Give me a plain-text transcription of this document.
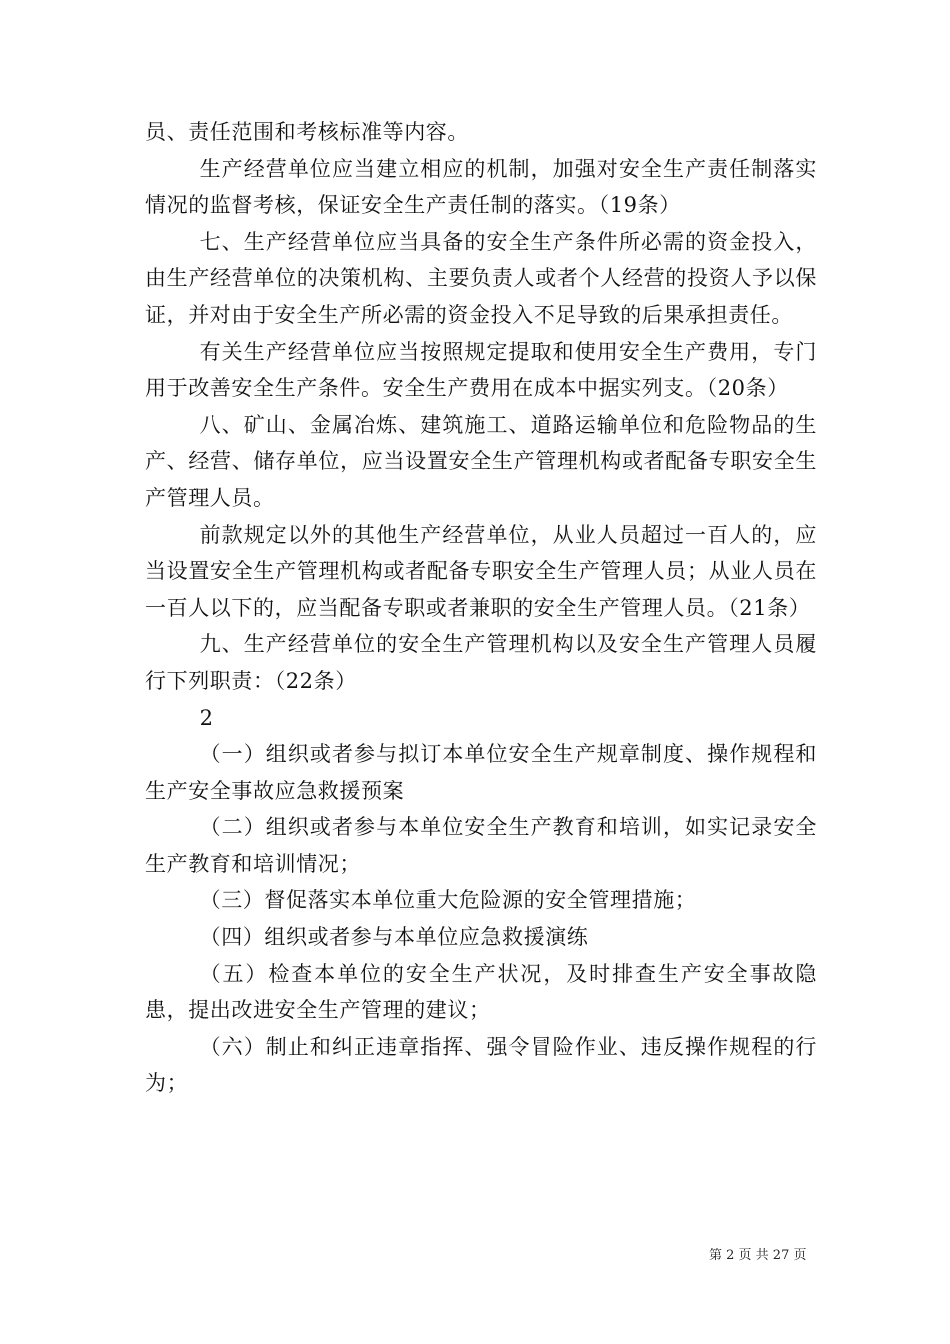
员、责任范围和考核标准等内容。

生产经营单位应当建立相应的机制，加强对安全生产责任制落实情况的监督考核，保证安全生产责任制的落实。（19条）

七、生产经营单位应当具备的安全生产条件所必需的资金投入，由生产经营单位的决策机构、主要负责人或者个人经营的投资人予以保证，并对由于安全生产所必需的资金投入不足导致的后果承担责任。

有关生产经营单位应当按照规定提取和使用安全生产费用，专门用于改善安全生产条件。安全生产费用在成本中据实列支。（20条）

八、矿山、金属冶炼、建筑施工、道路运输单位和危险物品的生产、经营、储存单位，应当设置安全生产管理机构或者配备专职安全生产管理人员。

前款规定以外的其他生产经营单位，从业人员超过一百人的，应当设置安全生产管理机构或者配备专职安全生产管理人员；从业人员在一百人以下的，应当配备专职或者兼职的安全生产管理人员。（21条）

九、生产经营单位的安全生产管理机构以及安全生产管理人员履行下列职责：（22条）

2

（一）组织或者参与拟订本单位安全生产规章制度、操作规程和生产安全事故应急救援预案

（二）组织或者参与本单位安全生产教育和培训，如实记录安全生产教育和培训情况；

（三）督促落实本单位重大危险源的安全管理措施；

（四）组织或者参与本单位应急救援演练

（五）检查本单位的安全生产状况，及时排查生产安全事故隐患，提出改进安全生产管理的建议；

（六）制止和纠正违章指挥、强令冒险作业、违反操作规程的行为；

第 2 页 共 27 页
